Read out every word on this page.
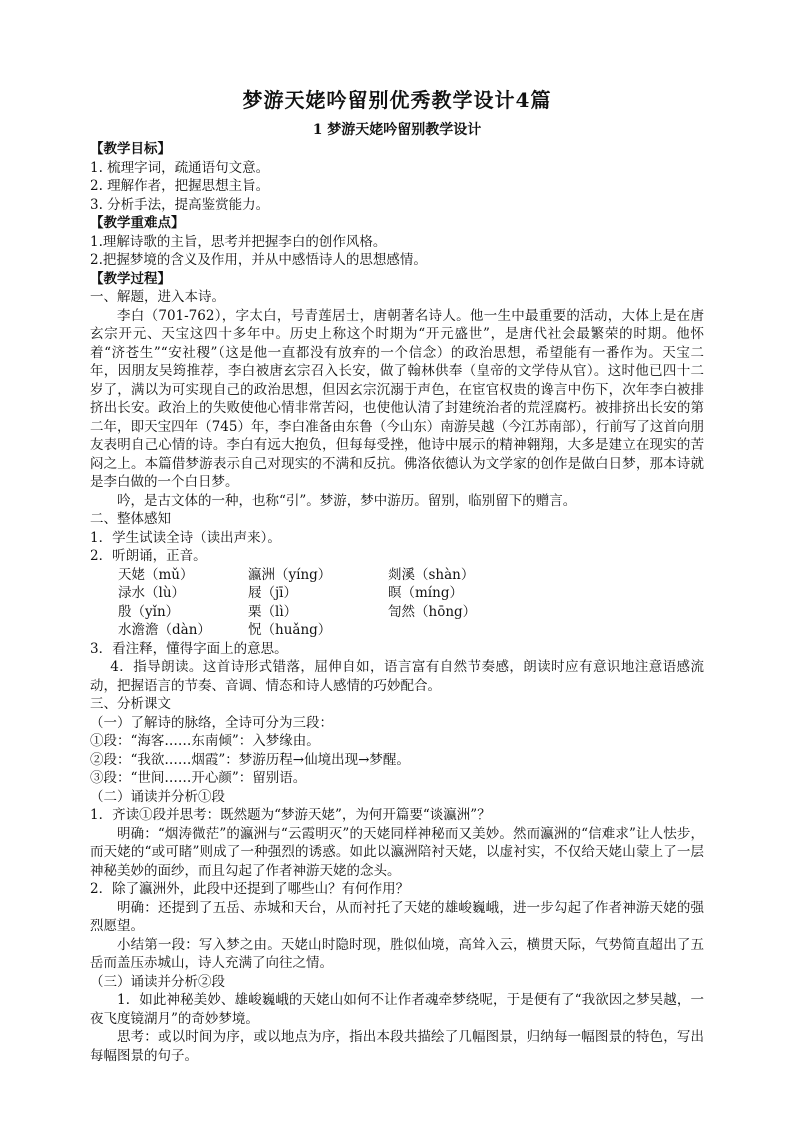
梦游天姥吟留别优秀教学设计4篇
1 梦游天姥吟留别教学设计

【教学目标】

1. 梳理字词，疏通语句文意。

2. 理解作者，把握思想主旨。

3. 分析手法，提高鉴赏能力。

【教学重难点】

1.理解诗歌的主旨，思考并把握李白的创作风格。

2.把握梦境的含义及作用，并从中感悟诗人的思想感情。

【教学过程】

一、解题，进入本诗。

李白（701-762），字太白，号青莲居士，唐朝著名诗人。他一生中最重要的活动，大体上是在唐玄宗开元、天宝这四十多年中。历史上称这个时期为“开元盛世”，是唐代社会最繁荣的时期。他怀着“济苍生”“安社稷”（这是他一直都没有放弃的一个信念）的政治思想，希望能有一番作为。天宝二年，因朋友吴筠推荐，李白被唐玄宗召入长安，做了翰林供奉（皇帝的文学侍从官）。这时他已四十二岁了，满以为可实现自己的政治思想，但因玄宗沉溺于声色，在宦官权贵的谗言中伤下，次年李白被排挤出长安。政治上的失败使他心情非常苦闷，也使他认清了封建统治者的荒淫腐朽。被排挤出长安的第二年，即天宝四年（745）年，李白准备由东鲁（今山东）南游吴越（今江苏南部），行前写了这首向朋友表明自己心情的诗。李白有远大抱负，但每每受挫，他诗中展示的精神翱翔，大多是建立在现实的苦闷之上。本篇借梦游表示自己对现实的不满和反抗。佛洛依德认为文学家的创作是做白日梦，那本诗就是李白做的一个白日梦。

吟，是古文体的一种，也称“引”。梦游，梦中游历。留别，临别留下的赠言。

二、整体感知

1．学生试读全诗（读出声来）。

2．听朗诵，正音。

天姥（mǔ）	瀛洲（yíng）	剡溪（shàn）
渌水（lù）	屐（jī）	暝（míng）
殷（yǐn）	栗（lì）	訇然（hōng）
水澹澹（dàn）	怳（huǎng）

3．看注释，懂得字面上的意思。

4．指导朗读。这首诗形式错落，屈伸自如，语言富有自然节奏感，朗读时应有意识地注意语感流动，把握语言的节奏、音调、情态和诗人感情的巧妙配合。

三、分析课文

（一）了解诗的脉络，全诗可分为三段：

①段：“海客……东南倾”：入梦缘由。

②段：“我欲……烟霞”：梦游历程→仙境出现→梦醒。

③段：“世间……开心颜”：留别语。

（二）诵读并分析①段

1．齐读①段并思考：既然题为“梦游天姥”，为何开篇要“谈瀛洲”？

明确：“烟涛微茫”的瀛洲与“云霞明灭”的天姥同样神秘而又美妙。然而瀛洲的“信难求”让人怯步，而天姥的“或可睹”则成了一种强烈的诱惑。如此以瀛洲陪衬天姥，以虚衬实，不仅给天姥山蒙上了一层神秘美妙的面纱，而且勾起了作者神游天姥的念头。

2．除了瀛洲外，此段中还提到了哪些山？有何作用？

明确：还提到了五岳、赤城和天台，从而衬托了天姥的雄峻巍峨，进一步勾起了作者神游天姥的强烈愿望。

小结第一段：写入梦之由。天姥山时隐时现，胜似仙境，高耸入云，横贯天际，气势简直超出了五岳而盖压赤城山，诗人充满了向往之情。

（三）诵读并分析②段

1．如此神秘美妙、雄峻巍峨的天姥山如何不让作者魂牵梦绕呢，于是便有了“我欲因之梦吴越，一夜飞度镜湖月”的奇妙梦境。

思考：或以时间为序，或以地点为序，指出本段共描绘了几幅图景，归纳每一幅图景的特色，写出每幅图景的句子。
